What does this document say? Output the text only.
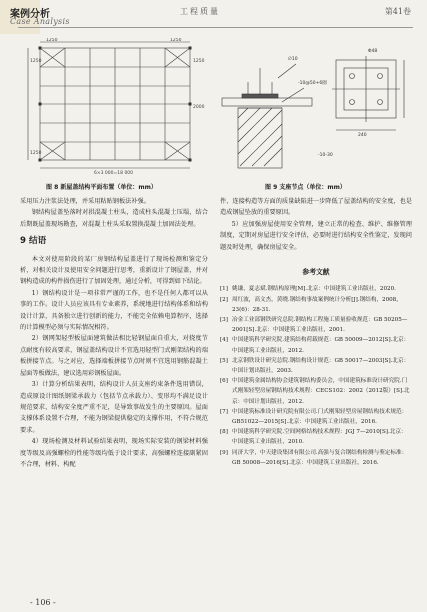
案例分析
Case Analysis
工程质量	第41卷
1250
1250
6×3 000=18 000
1250	1250
1250
2000
图 8 新屋盖结构平面布置（单位：mm）
∅10
-10@50+6圈
240
Φ48
-10-30
图 9 支座节点（单位：mm）

采用压力注浆法处理，并采用粘贴钢板法补强。

钢结构屋盖坠落时对拱混凝土柱头，造成柱头混凝土压塌，结合后期既屋盖现场勘查，对混凝土柱头采取置换混凝土加固法处理。

9 结语

本文对使用阶段的某厂房钢结构屋盖进行了现场检测和鉴定分析，对相关设计及使用安全问题进行思考，重新设计了钢屋盖，并对钢构造成的构件损伤进行了加固处理，通过分析，可得到如下结论。

1）钢结构设计是一项非常严谨的工作，也不是任何人都可以从事的工作。设计人员应该具有专业素养，系统地进行结构体系和结构设计计算，具备独立进行创新的能力，不能完全依赖电算程序，选择的计算模型必须与实际情况相符。

2）钢网架轻型板屋面建筑做法相比轻钢屋面自重大，对挠度节点耐度有较高要求，钢屋盖结构设计不宜选用轻型门式刚架结构的端板拼接节点。与之对应，选择端板拼接节点时则不宜选用钢筋混凝土屋面等板做法，建议选用彩钢板屋面。

3）计算分析结果表明，结构设计人员支座约束条件选用错误，造成原设计图纸钢梁承载力（包括节点承载力）、变形均不满足设计规范要求，结构安全度严重不足，是导致事故发生的主要原因。屋面支撑体系设置不合理，不能为钢梁提供稳定的支撑作用，不符合规范要求。

4）现场检测及材料试验结果表明，现场实际安装的钢梁材料强度等级及高强螺栓的性能等级均低于设计要求，高强螺栓连接副紧固不合理，材料、构配

件、连接构造等方面的质量缺陷进一步降低了屋盖结构的安全度，也是造成钢屋坠放的重要原因。

5）应加强房屋使用安全管理，建立正常的检查、维护、维修管理制度，定期对房屋进行安全评估，必要时进行结构安全性鉴定，发现问题及时处理，确保房屋安全。

参考文献
[1] 姚谦，夏志斌.钢结构原理[M].北京：中国建筑工业出版社，2020.
[2] 周红波，高文杰，黄晓.钢结构事故案例统计分析[J].钢结构，2008，23(6)：28-31.
[3] 冶金工业部钢铁研究总院.钢结构工程施工质量验收规范：GB 50205—2001[S].北京：中国建筑工业出版社，2001.
[4] 中国建筑科学研究院.建筑结构荷载规范：GB 50009—2012[S].北京：中国建筑工业出版社，2012.
[5] 北京钢铁设计研究总院.钢结构设计规范：GB 50017—2003[S].北京：中国计划出版社，2003.
[6] 中国建筑金属结构协会建筑钢结构委员会，中国建筑标准设计研究院.门式刚架轻型房屋钢结构技术规程：CECS102：2002（2012版）[S].北京：中国计划出版社，2012.
[7] 中国建筑标准设计研究院有限公司.门式刚架轻型房屋钢结构技术规范：GB51022—2015[S].北京：中国建筑工业出版社，2016.
[8] 中国建筑科学研究院.空间网格结构技术规程：JGJ 7—2010[S].北京：中国建筑工业出版社，2010.
[9] 同济大学，中天建设集团有限公司.高强与复合钢结构检测与鉴定标准：GB 50008—2016[S].北京：中国建筑工业出版社，2016.
- 106 -
